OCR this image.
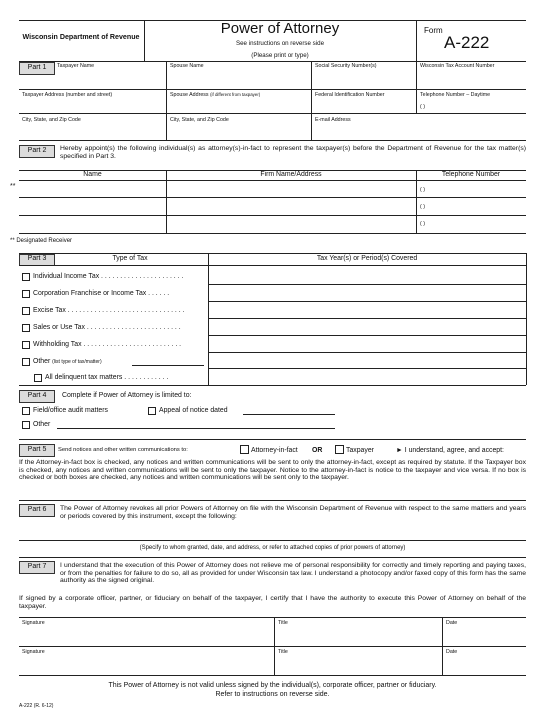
Wisconsin Department of Revenue	Power of Attorney
See instructions on reverse side
(Please print or type)
Form
A-222
Part 1	Taxpayer Name	Spouse Name	Social Security Number(s)	Wisconsin Tax Account Number
Taxpayer Address (number and street)	Spouse Address (if different from taxpayer)	Federal Identification Number	Telephone Number – Daytime
( )
City, State, and Zip Code	City, State, and Zip Code	E-mail Address
Part 2	Hereby appoint(s) the following individual(s) as attorney(s)-in-fact to represent the taxpayer(s) before the Department of Revenue for the tax matter(s) specified in Part 3.
Name	Firm Name/Address	Telephone Number
**	( )
( )
( )
** Designated Receiver
Part 3	Type of Tax	Tax Year(s) or Period(s) Covered
Individual Income Tax . . . . . . . . . . . . . . . . . . . . . .
Corporation Franchise or Income Tax . . . . . .
Excise Tax . . . . . . . . . . . . . . . . . . . . . . . . . . . . . . .
Sales or Use Tax . . . . . . . . . . . . . . . . . . . . . . . . .
Withholding Tax . . . . . . . . . . . . . . . . . . . . . . . . . .
Other (list type of tax/matter)
All delinquent tax matters . . . . . . . . . . . .
Part 4	Complete if Power of Attorney is limited to:
Field/office audit matters	Appeal of notice dated
Other
Part 5	Send notices and other written communications to:	Attorney-in-fact OR	Taxpayer	► I understand, agree, and accept:
If the Attorney-in-fact box is checked, any notices and written communications will be sent to only the attorney-in-fact, except as required by statute. If the Taxpayer box is checked, any notices and written communications will be sent to only the taxpayer. Notice to the attorney-in-fact is notice to the taxpayer and vice versa. If no box is checked or both boxes are checked, any notices and written communications will be sent only to the taxpayer.
Part 6	The Power of Attorney revokes all prior Powers of Attorney on file with the Wisconsin Department of Revenue with respect to the same matters and years or periods covered by this instrument, except the following:
(Specify to whom granted, date, and address, or refer to attached copies of prior powers of attorney)
Part 7	I understand that the execution of this Power of Attorney does not relieve me of personal responsibility for correctly and timely reporting and paying taxes, or from the penalties for failure to do so, all as provided for under Wisconsin tax law. I understand a photocopy and/or faxed copy of this form has the same authority as the signed original.
If signed by a corporate officer, partner, or fiduciary on behalf of the taxpayer, I certify that I have the authority to execute this Power of Attorney on behalf of the taxpayer.
Signature	Title	Date
Signature	Title	Date
This Power of Attorney is not valid unless signed by the individual(s), corporate officer, partner or fiduciary.
Refer to instructions on reverse side.
A-222 (R. 6-12)
